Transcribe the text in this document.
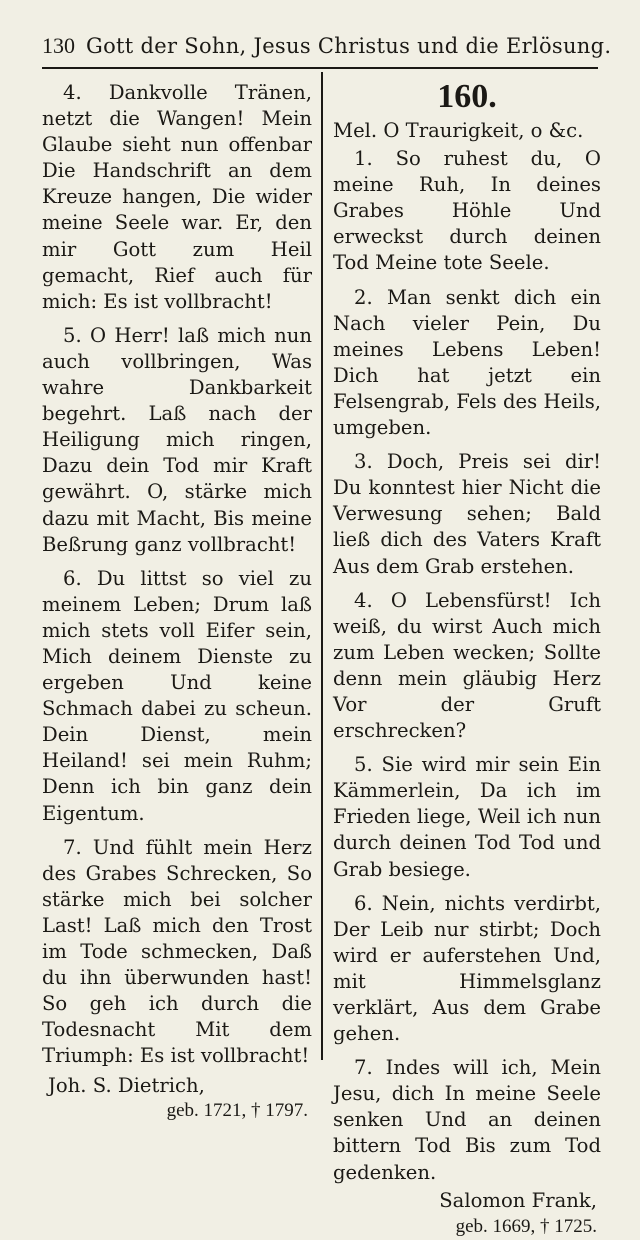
130 Gott der Sohn, Jesus Christus und die Erlösung.

4. Dankvolle Tränen, netzt die Wangen! Mein Glaube sieht nun offenbar Die Handschrift an dem Kreuze hangen, Die wider meine Seele war. Er, den mir Gott zum Heil gemacht, Rief auch für mich: Es ist vollbracht!

5. O Herr! laß mich nun auch vollbringen, Was wahre Dankbarkeit begehrt. Laß nach der Heiligung mich ringen, Dazu dein Tod mir Kraft gewährt. O, stärke mich dazu mit Macht, Bis meine Beßrung ganz vollbracht!

6. Du littst so viel zu meinem Leben; Drum laß mich stets voll Eifer sein, Mich deinem Dienste zu ergeben Und keine Schmach dabei zu scheun. Dein Dienst, mein Heiland! sei mein Ruhm; Denn ich bin ganz dein Eigentum.

7. Und fühlt mein Herz des Grabes Schrecken, So stärke mich bei solcher Last! Laß mich den Trost im Tode schmecken, Daß du ihn überwunden hast! So geh ich durch die Todesnacht Mit dem Triumph: Es ist vollbracht!

Joh. S. Dietrich,
geb. 1721, † 1797.
160.

Mel. O Traurigkeit, o &c.

1. So ruhest du, O meine Ruh, In deines Grabes Höhle Und erweckst durch deinen Tod Meine tote Seele.

2. Man senkt dich ein Nach vieler Pein, Du meines Lebens Leben! Dich hat jetzt ein Felsengrab, Fels des Heils, umgeben.

3. Doch, Preis sei dir! Du konntest hier Nicht die Verwesung sehen; Bald ließ dich des Vaters Kraft Aus dem Grab erstehen.

4. O Lebensfürst! Ich weiß, du wirst Auch mich zum Leben wecken; Sollte denn mein gläubig Herz Vor der Gruft erschrecken?

5. Sie wird mir sein Ein Kämmerlein, Da ich im Frieden liege, Weil ich nun durch deinen Tod Tod und Grab besiege.

6. Nein, nichts verdirbt, Der Leib nur stirbt; Doch wird er auferstehen Und, mit Himmelsglanz verklärt, Aus dem Grabe gehen.

7. Indes will ich, Mein Jesu, dich In meine Seele senken Und an deinen bittern Tod Bis zum Tod gedenken.

Salomon Frank,
geb. 1669, † 1725.
